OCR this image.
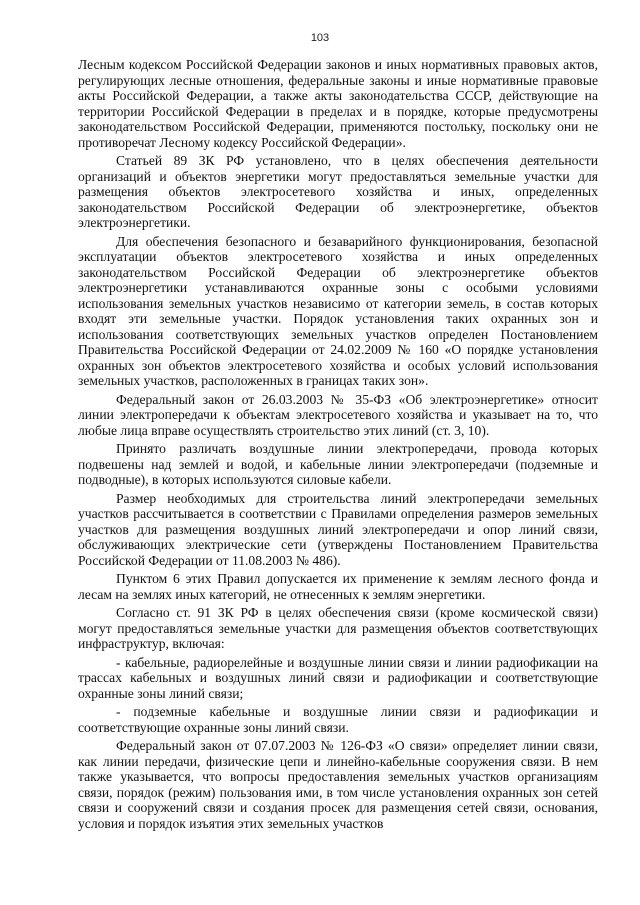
103

Лесным кодексом Российской Федерации законов и иных нормативных правовых актов, регулирующих лесные отношения, федеральные законы и иные нормативные правовые акты Российской Федерации, а также акты законодательства СССР, действующие на территории Российской Федерации в пределах и в порядке, которые предусмотрены законодательством Российской Федерации, применяются постольку, поскольку они не противоречат Лесному кодексу Российской Федерации».

Статьей 89 ЗК РФ установлено, что в целях обеспечения деятельности организаций и объектов энергетики могут предоставляться земельные участки для размещения объектов электросетевого хозяйства и иных, определенных законодательством Российской Федерации об электроэнергетике, объектов электроэнергетики.

Для обеспечения безопасного и безаварийного функционирования, безопасной эксплуатации объектов электросетевого хозяйства и иных определенных законодательством Российской Федерации об электроэнергетике объектов электроэнергетики устанавливаются охранные зоны с особыми условиями использования земельных участков независимо от категории земель, в состав которых входят эти земельные участки. Порядок установления таких охранных зон и использования соответствующих земельных участков определен Постановлением Правительства Российской Федерации от 24.02.2009 № 160 «О порядке установления охранных зон объектов электросетевого хозяйства и особых условий использования земельных участков, расположенных в границах таких зон».

Федеральный закон от 26.03.2003 № 35-ФЗ «Об электроэнергетике» относит линии электропередачи к объектам электросетевого хозяйства и указывает на то, что любые лица вправе осуществлять строительство этих линий (ст. 3, 10).

Принято различать воздушные линии электропередачи, провода которых подвешены над землей и водой, и кабельные линии электропередачи (подземные и подводные), в которых используются силовые кабели.

Размер необходимых для строительства линий электропередачи земельных участков рассчитывается в соответствии с Правилами определения размеров земельных участков для размещения воздушных линий электропередачи и опор линий связи, обслуживающих электрические сети (утверждены Постановлением Правительства Российской Федерации от 11.08.2003 № 486).

Пунктом 6 этих Правил допускается их применение к землям лесного фонда и лесам на землях иных категорий, не отнесенных к землям энергетики.

Согласно ст. 91 ЗК РФ в целях обеспечения связи (кроме космической связи) могут предоставляться земельные участки для размещения объектов соответствующих инфраструктур, включая:

- кабельные, радиорелейные и воздушные линии связи и линии радиофикации на трассах кабельных и воздушных линий связи и радиофикации и соответствующие охранные зоны линий связи;

- подземные кабельные и воздушные линии связи и радиофикации и соответствующие охранные зоны линий связи.

Федеральный закон от 07.07.2003 № 126-ФЗ «О связи» определяет линии связи, как линии передачи, физические цепи и линейно-кабельные сооружения связи. В нем также указывается, что вопросы предоставления земельных участков организациям связи, порядок (режим) пользования ими, в том числе установления охранных зон сетей связи и сооружений связи и создания просек для размещения сетей связи, основания, условия и порядок изъятия этих земельных участков
